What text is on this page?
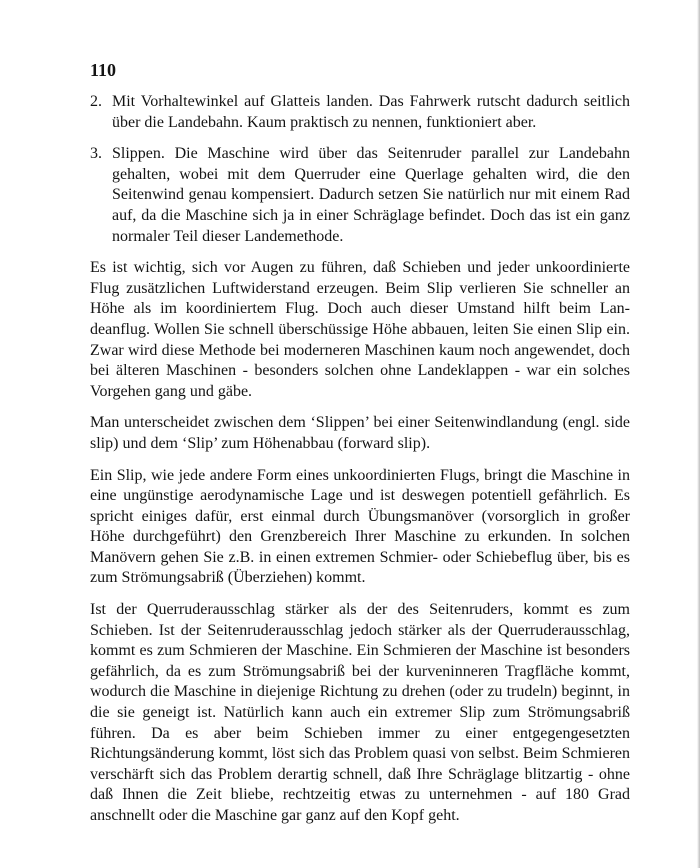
110
2. Mit Vorhaltewinkel auf Glatteis landen. Das Fahrwerk rutscht dadurch seitlich über die Landebahn. Kaum praktisch zu nennen, funktioniert aber.

3. Slippen. Die Maschine wird über das Seitenruder parallel zur Landebahn gehalten, wobei mit dem Querruder eine Querlage gehalten wird, die den Seitenwind genau kompensiert. Dadurch setzen Sie natürlich nur mit einem Rad auf, da die Maschine sich ja in einer Schräglage befindet. Doch das ist ein ganz normaler Teil dieser Landemethode.

Es ist wichtig, sich vor Augen zu führen, daß Schieben und jeder unkoordinierte Flug zusätzlichen Luftwiderstand erzeugen. Beim Slip verlieren Sie schneller an Höhe als im koordiniertem Flug. Doch auch dieser Umstand hilft beim Landeanflug. Wollen Sie schnell überschüssige Höhe abbauen, leiten Sie einen Slip ein. Zwar wird diese Methode bei moderneren Maschinen kaum noch angewendet, doch bei älteren Maschinen - besonders solchen ohne Landeklappen - war ein solches Vorgehen gang und gäbe.

Man unterscheidet zwischen dem ‘Slippen’ bei einer Seitenwindlandung (engl. side slip) und dem ‘Slip’ zum Höhenabbau (forward slip).

Ein Slip, wie jede andere Form eines unkoordinierten Flugs, bringt die Maschine in eine ungünstige aerodynamische Lage und ist deswegen potentiell gefährlich. Es spricht einiges dafür, erst einmal durch Übungsmanöver (vorsorglich in großer Höhe durchgeführt) den Grenzbereich Ihrer Maschine zu erkunden. In solchen Manövern gehen Sie z.B. in einen extremen Schmier- oder Schiebeflug über, bis es zum Strömungsabriß (Überziehen) kommt.

Ist der Querruderausschlag stärker als der des Seitenruders, kommt es zum Schieben. Ist der Seitenruderausschlag jedoch stärker als der Querruderausschlag, kommt es zum Schmieren der Maschine. Ein Schmieren der Maschine ist besonders gefährlich, da es zum Strömungsabriß bei der kurveninneren Tragfläche kommt, wodurch die Maschine in diejenige Richtung zu drehen (oder zu trudeln) beginnt, in die sie geneigt ist. Natürlich kann auch ein extremer Slip zum Strömungsabriß führen. Da es aber beim Schieben immer zu einer entgegengesetzten Richtungsänderung kommt, löst sich das Problem quasi von selbst. Beim Schmieren verschärft sich das Problem derartig schnell, daß Ihre Schräglage blitzartig - ohne daß Ihnen die Zeit bliebe, rechtzeitig etwas zu unternehmen - auf 180 Grad anschnellt oder die Maschine gar ganz auf den Kopf geht.
